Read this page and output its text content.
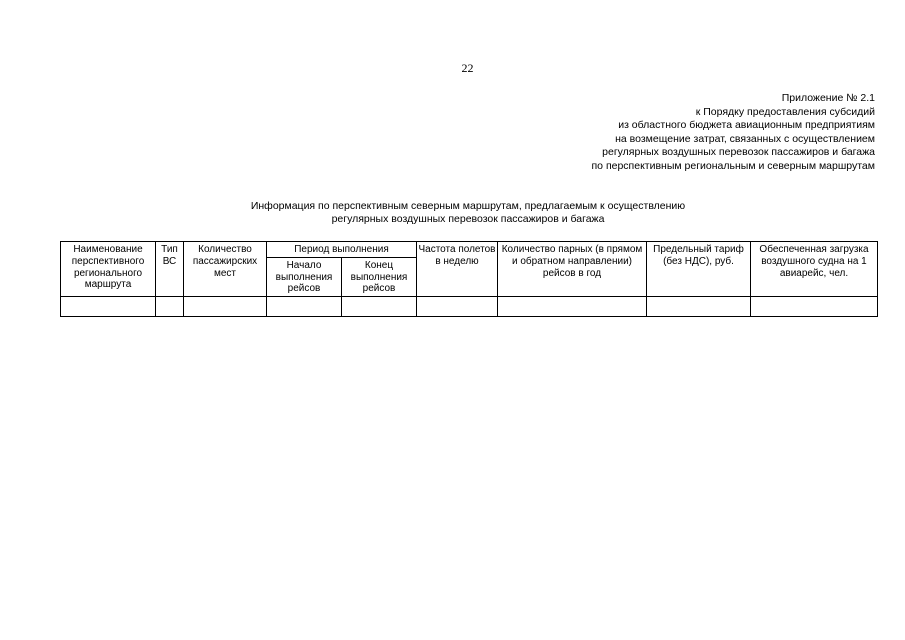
22
Приложение № 2.1
к Порядку предоставления субсидий
из областного бюджета авиационным предприятиям
на возмещение затрат, связанных с осуществлением
регулярных воздушных перевозок пассажиров и багажа
по перспективным региональным и северным маршрутам
Информация по перспективным северным маршрутам, предлагаемым к осуществлению
регулярных воздушных перевозок пассажиров и багажа
Наименование перспективного регионального маршрута	Тип ВС	Количество пассажирских мест	Период выполнения		Частота полетов в неделю	Количество парных (в прямом и обратном направлении) рейсов в год	Предельный тариф (без НДС), руб.	Обеспеченная загрузка воздушного судна на 1 авиарейс, чел.
			Начало выполнения рейсов	Конец выполнения рейсов				
